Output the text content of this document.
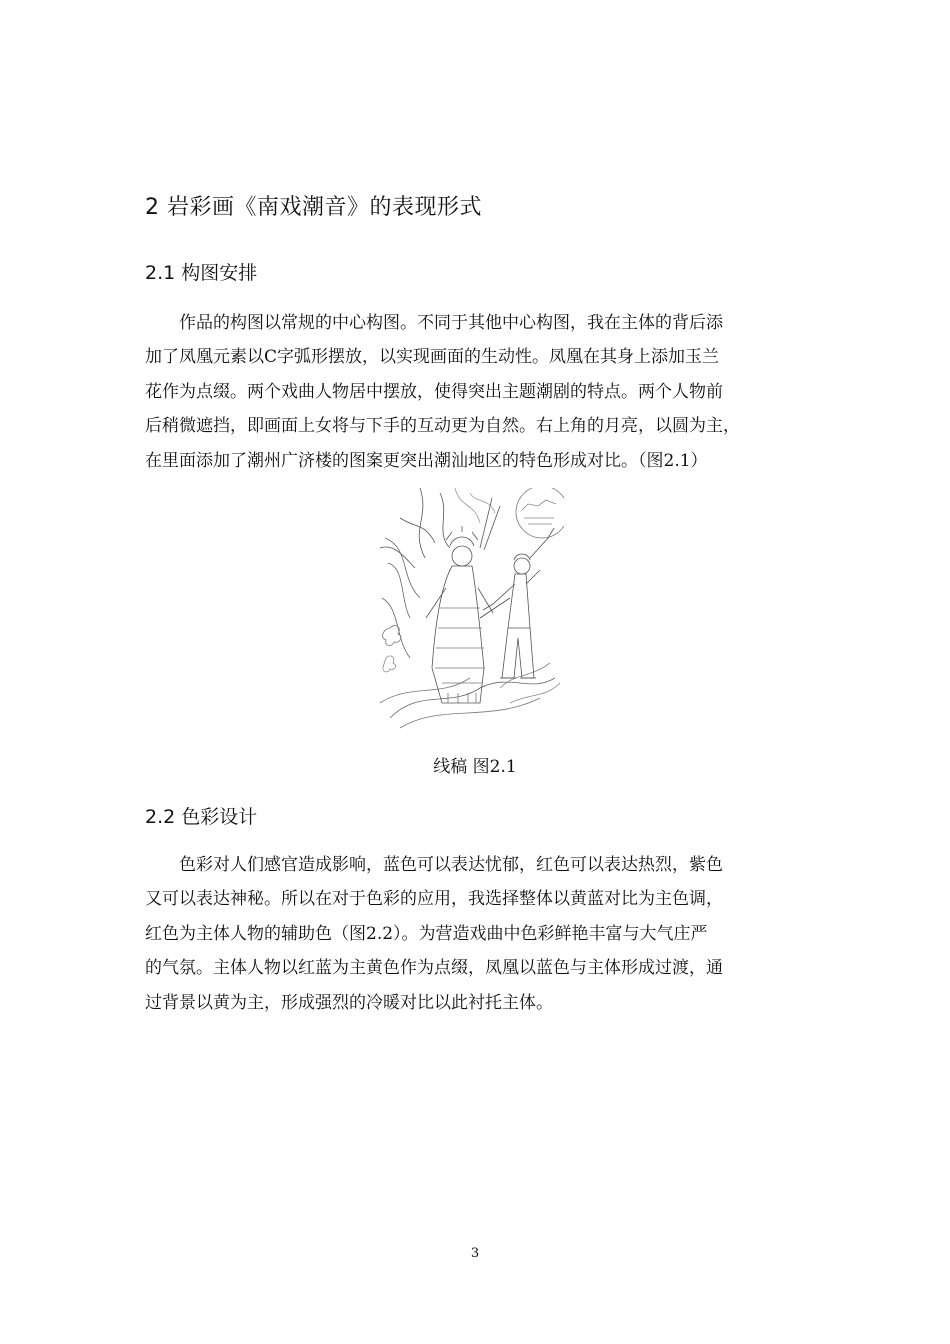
2 岩彩画《南戏潮音》的表现形式
2.1 构图安排
作品的构图以常规的中心构图。不同于其他中心构图，我在主体的背后添
加了凤凰元素以C字弧形摆放，以实现画面的生动性。凤凰在其身上添加玉兰
花作为点缀。两个戏曲人物居中摆放，使得突出主题潮剧的特点。两个人物前
后稍微遮挡，即画面上女将与下手的互动更为自然。右上角的月亮，以圆为主，
在里面添加了潮州广济楼的图案更突出潮汕地区的特色形成对比。（图2.1）
线稿 图2.1
2.2 色彩设计
色彩对人们感官造成影响，蓝色可以表达忧郁，红色可以表达热烈，紫色
又可以表达神秘。所以在对于色彩的应用，我选择整体以黄蓝对比为主色调，
红色为主体人物的辅助色（图2.2）。为营造戏曲中色彩鲜艳丰富与大气庄严
的气氛。主体人物以红蓝为主黄色作为点缀，凤凰以蓝色与主体形成过渡，通
过背景以黄为主，形成强烈的冷暖对比以此衬托主体。
3
